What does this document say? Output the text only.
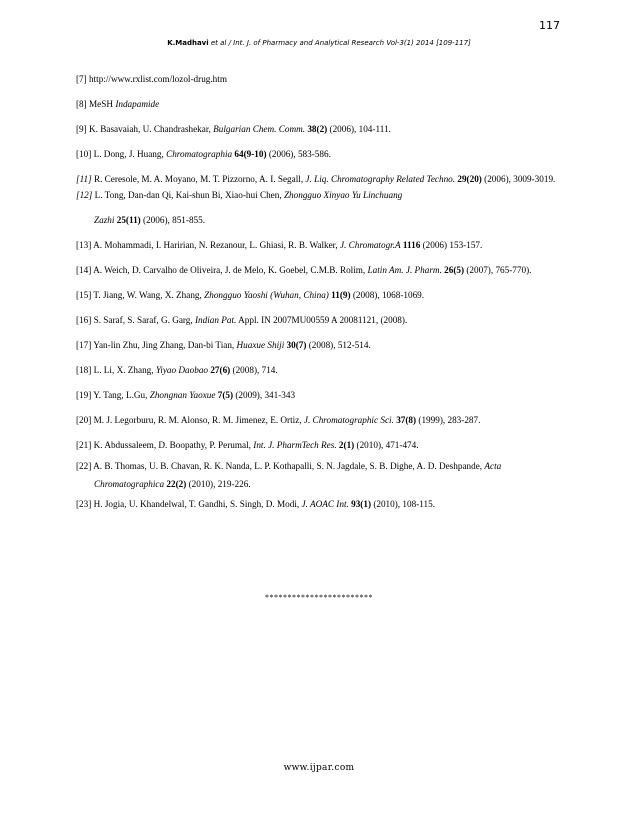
117
K.Madhavi et al / Int. J. of Pharmacy and Analytical Research Vol-3(1) 2014 [109-117]

[7] http://www.rxlist.com/lozol-drug.htm

[8] MeSH Indapamide

[9] K. Basavaiah, U. Chandrashekar, Bulgarian Chem. Comm. 38(2) (2006), 104-111.

[10] L. Dong, J. Huang, Chromatographia 64(9-10) (2006), 583-586.

[11] R. Ceresole, M. A. Moyano, M. T. Pizzorno, A. I. Segall, J. Liq. Chromatography Related Techno. 29(20) (2006), 3009-3019.

[12] L. Tong, Dan-dan Qi, Kai-shun Bi, Xiao-hui Chen, Zhongguo Xinyao Yu Linchuang

Zazhi 25(11) (2006), 851-855.

[13] A. Mohammadi, I. Haririan, N. Rezanour, L. Ghiasi, R. B. Walker, J. Chromatogr.A 1116 (2006) 153-157.

[14] A. Weich, D. Carvalho de Oliveira, J. de Melo, K. Goebel, C.M.B. Rolim, Latin Am. J. Pharm. 26(5) (2007), 765-770).

[15] T. Jiang, W. Wang, X. Zhang, Zhongguo Yaoshi (Wuhan, China) 11(9) (2008), 1068-1069.

[16] S. Saraf, S. Saraf, G. Garg, Indian Pat. Appl. IN 2007MU00559 A 20081121, (2008).

[17] Yan-lin Zhu, Jing Zhang, Dan-bi Tian, Huaxue Shiji 30(7) (2008), 512-514.

[18] L. Li, X. Zhang, Yiyao Daobao 27(6) (2008), 714.

[19] Y. Tang, L.Gu, Zhongnan Yaoxue 7(5) (2009), 341-343

[20] M. J. Legorburu, R. M. Alonso, R. M. Jimenez, E. Ortiz, J. Chromatographic Sci. 37(8) (1999), 283-287.

[21] K. Abdussaleem, D. Boopathy, P. Perumal, Int. J. PharmTech Res. 2(1) (2010), 471-474.

[22] A. B. Thomas, U. B. Chavan, R. K. Nanda, L. P. Kothapalli, S. N. Jagdale, S. B. Dighe, A. D. Deshpande, Acta Chromatographica 22(2) (2010), 219-226.

[23] H. Jogia, U. Khandelwal, T. Gandhi, S. Singh, D. Modi, J. AOAC Int. 93(1) (2010), 108-115.

************************
www.ijpar.com
